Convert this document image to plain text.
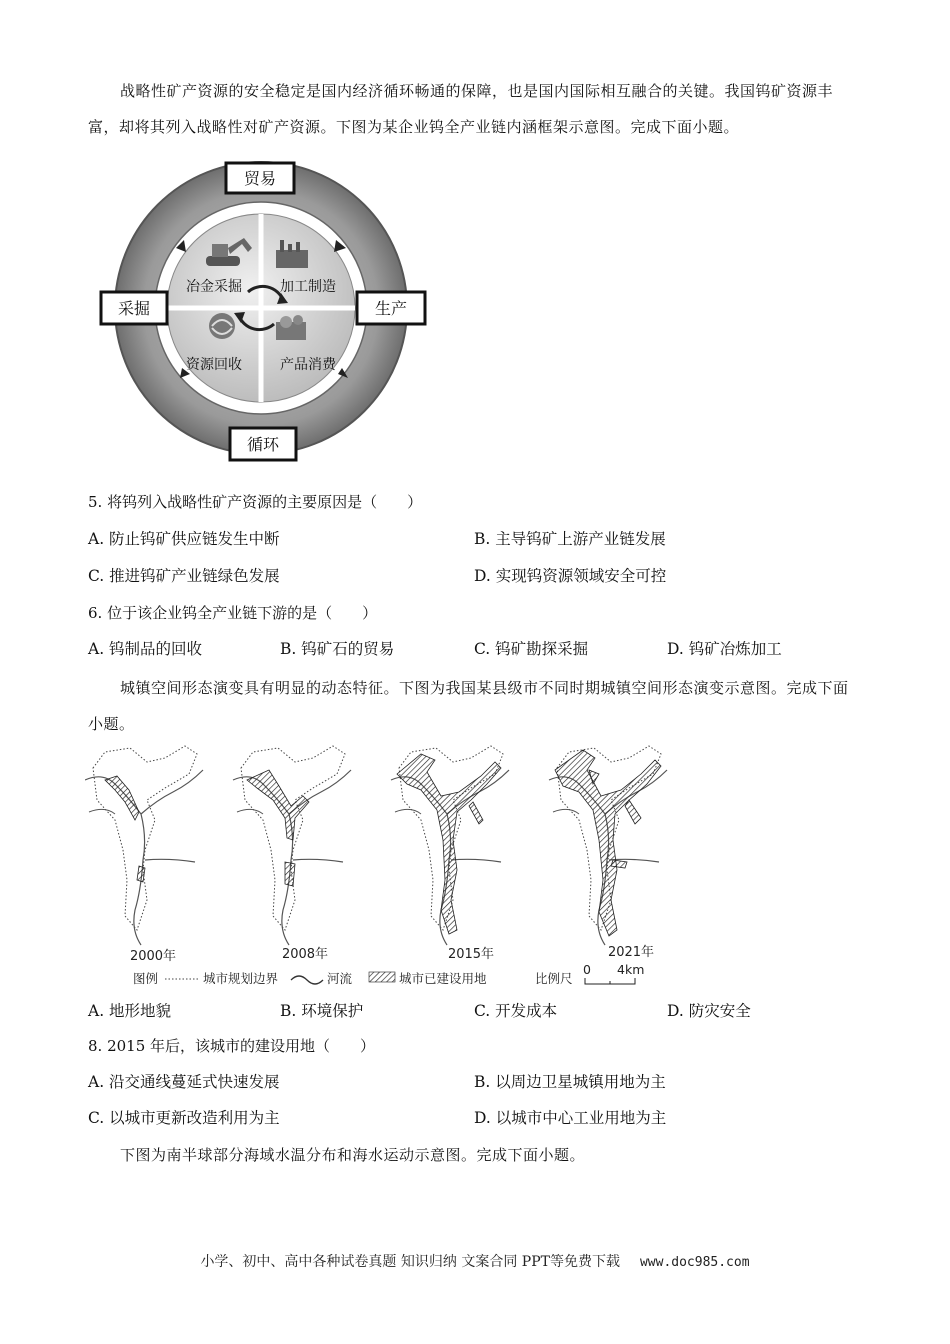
战略性矿产资源的安全稳定是国内经济循环畅通的保障，也是国内国际相互融合的关键。我国钨矿资源丰富，却将其列入战略性对矿产资源。下图为某企业钨全产业链内涵框架示意图。完成下面小题。
冶金采掘	加工制造
资源回收	产品消费
贸易
采掘	生产
循环
5. 将钨列入战略性矿产资源的主要原因是（　　）
A. 防止钨矿供应链发生中断	B. 主导钨矿上游产业链发展
C. 推进钨矿产业链绿色发展	D. 实现钨资源领域安全可控
6. 位于该企业钨全产业链下游的是（　　）
A. 钨制品的回收	B. 钨矿石的贸易	C. 钨矿勘探采掘	D. 钨矿冶炼加工
城镇空间形态演变具有明显的动态特征。下图为我国某县级市不同时期城镇空间形态演变示意图。完成下面小题。
2000年	2008年	2015年	2021年
图例	城市规划边界	河流	城市已建设用地	比例尺
0 4km
A. 地形地貌	B. 环境保护	C. 开发成本	D. 防灾安全
8. 2015 年后，该城市的建设用地（　　）
A. 沿交通线蔓延式快速发展	B. 以周边卫星城镇用地为主
C. 以城市更新改造利用为主	D. 以城市中心工业用地为主
下图为南半球部分海域水温分布和海水运动示意图。完成下面小题。
小学、初中、高中各种试卷真题 知识归纳 文案合同 PPT等免费下载 www.doc985.com
